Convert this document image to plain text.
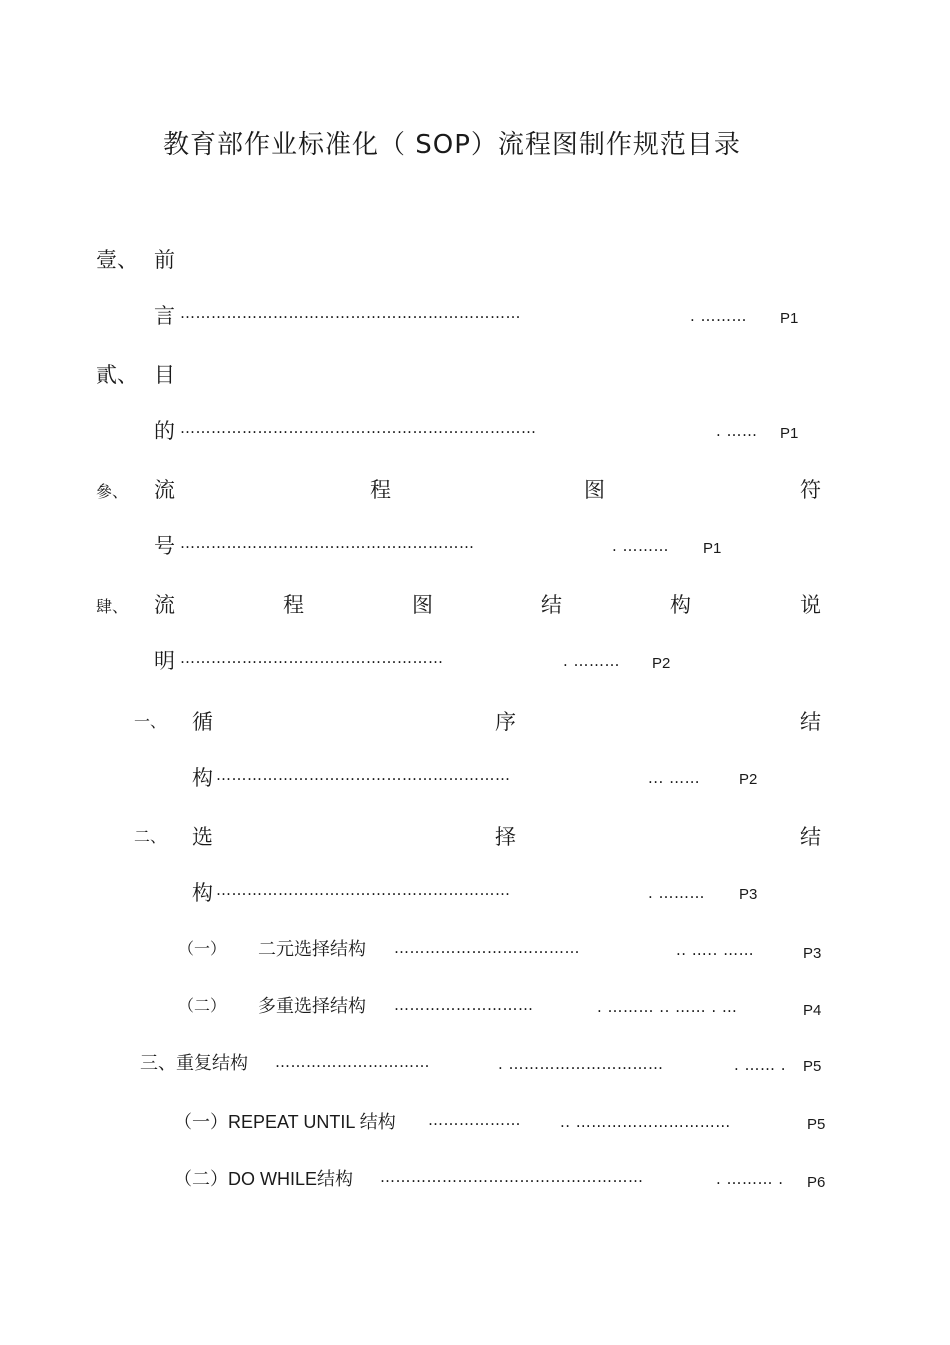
教育部作业标准化（ SOP）流程图制作规范目录
壹、 前
言 …………………………………………………………	. ……… P1
貳、 目
的 ……………………………………………………………	. …… P1
參、 流	程	图	符
号 …………………………………………………	. ……… P1
肆、 流	程	图	结	构	说
明 ……………………………………………	. ……… P2
一、 循	序	结
构 …………………………………………………	... ……	P2
二、 选	择	结
构 …………………………………………………	. ……… P3
（一） 二元选择结构 ………………………………	.. ….. ……	P3
（二） 多重选择结构 ………………………	. ……… .. …… . …	P4
三、重复结构 …………………………	. …………………………	. …… . P5
（一）REPEAT UNTIL 结构 ………………	.. …………………………	P5
（二）DO WHILE结构 ……………………………………………	. ……… . P6
